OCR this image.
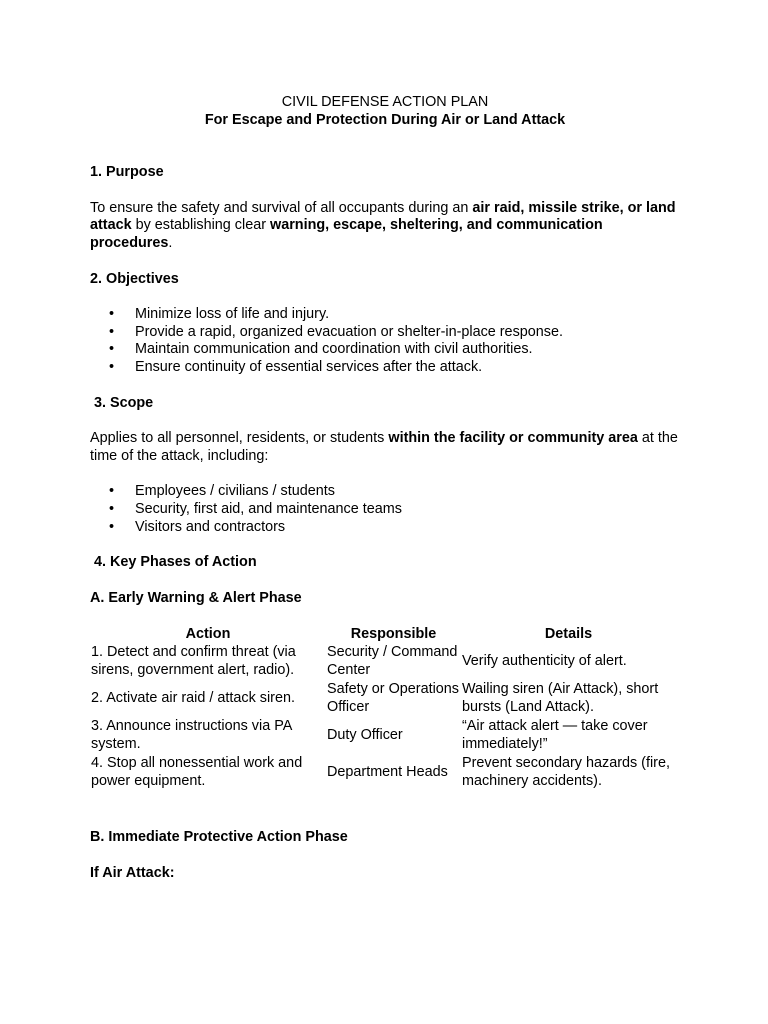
CIVIL DEFENSE ACTION PLAN

For Escape and Protection During Air or Land Attack

1. Purpose

To ensure the safety and survival of all occupants during an air raid, missile strike, or land attack by establishing clear warning, escape, sheltering, and communication procedures.

2. Objectives
• Minimize loss of life and injury.
• Provide a rapid, organized evacuation or shelter-in-place response.
• Maintain communication and coordination with civil authorities.
• Ensure continuity of essential services after the attack.
3. Scope

Applies to all personnel, residents, or students within the facility or community area at the time of the attack, including:

• Employees / civilians / students
• Security, first aid, and maintenance teams
• Visitors and contractors
4. Key Phases of Action
A. Early Warning & Alert Phase
Action	Responsible	Details
1. Detect and confirm threat (via sirens, government alert, radio).	Security / Command Center	Verify authenticity of alert.
2. Activate air raid / attack siren.	Safety or Operations Officer	Wailing siren (Air Attack), short bursts (Land Attack).
3. Announce instructions via PA system.	Duty Officer	“Air attack alert — take cover immediately!”
4. Stop all nonessential work and power equipment.	Department Heads	Prevent secondary hazards (fire, machinery accidents).
B. Immediate Protective Action Phase
If Air Attack:
